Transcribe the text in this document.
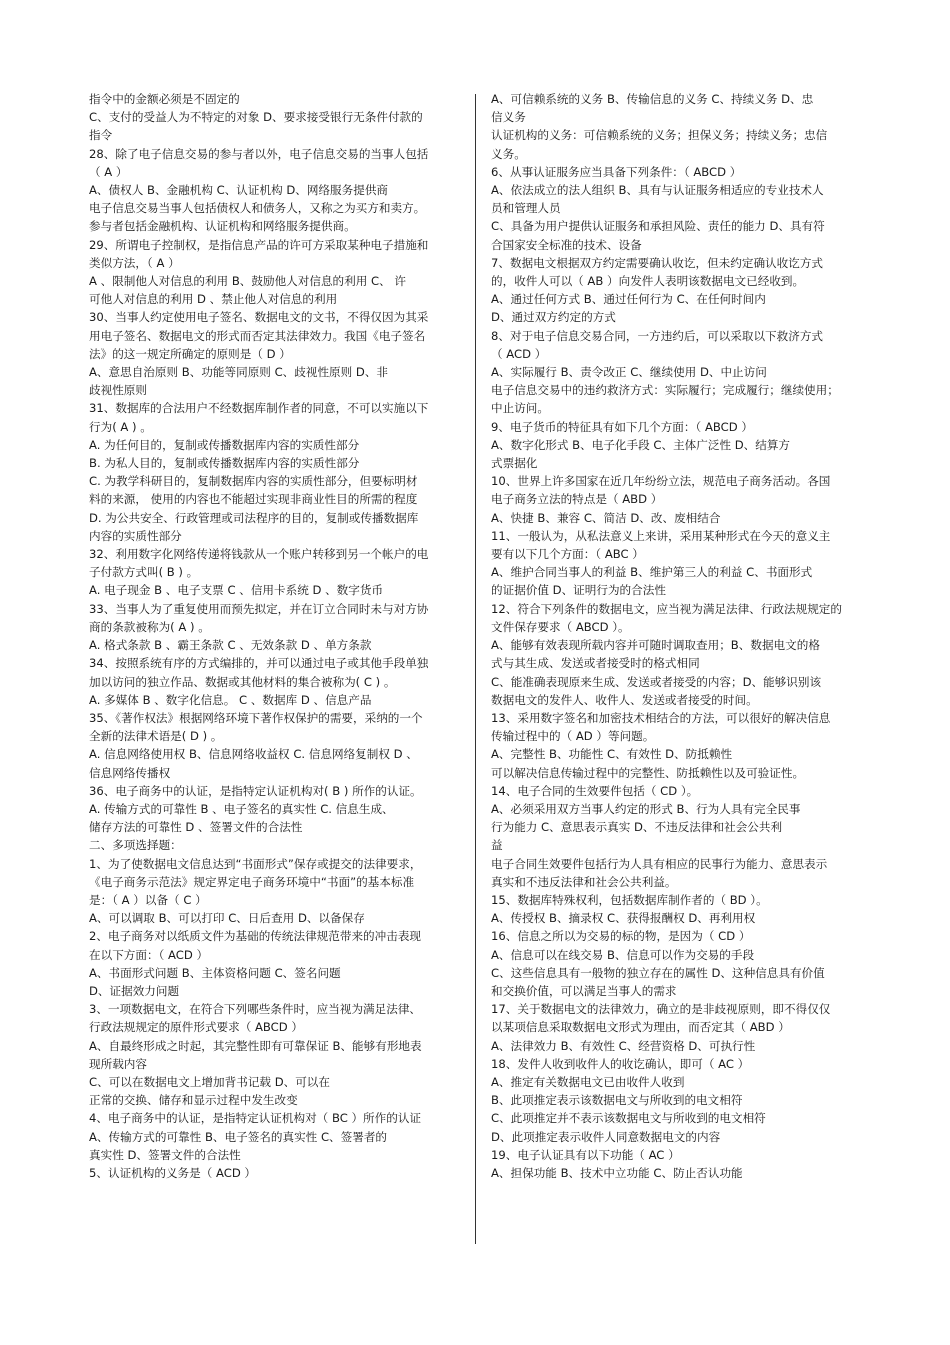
指令中的金额必须是不固定的
C、支付的受益人为不特定的对象 D、要求接受银行无条件付款的
指令
28、除了电子信息交易的参与者以外，电子信息交易的当事人包括
（ A ）
A、债权人 B、金融机构 C、认证机构 D、网络服务提供商
电子信息交易当事人包括债权人和债务人，又称之为买方和卖方。
参与者包括金融机构、认证机构和网络服务提供商。
29、所谓电子控制权，是指信息产品的许可方采取某种电子措施和
类似方法，（ A ）
A 、限制他人对信息的利用 B、鼓励他人对信息的利用 C、 许
可他人对信息的利用 D 、禁止他人对信息的利用
30、当事人约定使用电子签名、数据电文的文书，不得仅因为其采
用电子签名、数据电文的形式而否定其法律效力。我国《电子签名
法》的这一规定所确定的原则是（ D ）
A、意思自治原则 B、功能等同原则 C、歧视性原则 D、非
歧视性原则
31、数据库的合法用户不经数据库制作者的同意，不可以实施以下
行为( A ) 。
A. 为任何目的，复制或传播数据库内容的实质性部分
B. 为私人目的，复制或传播数据库内容的实质性部分
C. 为教学科研目的，复制数据库内容的实质性部分，但要标明材
料的来源， 使用的内容也不能超过实现非商业性目的所需的程度
D. 为公共安全、行政管理或司法程序的目的，复制或传播数据库
内容的实质性部分
32、利用数字化网络传递将钱款从一个账户转移到另一个帐户的电
子付款方式叫( B ) 。
A. 电子现金 B 、电子支票 C 、信用卡系统 D 、数字货币
33、当事人为了重复使用而预先拟定，并在订立合同时未与对方协
商的条款被称为( A ) 。
A. 格式条款 B 、霸王条款 C 、无效条款 D 、单方条款
34、按照系统有序的方式编排的，并可以通过电子或其他手段单独
加以访问的独立作品、数据或其他材料的集合被称为( C ) 。
A. 多媒体 B 、数字化信息。 C 、数据库 D 、信息产品
35、《著作权法》根据网络环境下著作权保护的需要，采纳的一个
全新的法律术语是( D ) 。
A. 信息网络使用权 B、信息网络收益权 C. 信息网络复制权 D 、
信息网络传播权
36、电子商务中的认证，是指特定认证机构对( B ) 所作的认证。
A. 传输方式的可靠性 B 、电子签名的真实性 C. 信息生成、
储存方法的可靠性 D 、签署文件的合法性
二、多项选择题：
1、为了使数据电文信息达到“书面形式”保存或提交的法律要求，
《电子商务示范法》规定界定电子商务环境中“书面”的基本标准
是：（ A ）以备（ C ）
A、可以调取 B、可以打印 C、日后查用 D、以备保存
2、电子商务对以纸质文件为基础的传统法律规范带来的冲击表现
在以下方面：（ ACD ）
A、书面形式问题 B、主体资格问题 C、签名问题
D、证据效力问题
3、一项数据电文，在符合下列哪些条件时，应当视为满足法律、
行政法规规定的原件形式要求（ ABCD ）
A、自最终形成之时起，其完整性即有可靠保证 B、能够有形地表
现所载内容
C、可以在数据电文上增加背书记载 D、可以在
正常的交换、储存和显示过程中发生改变
4、电子商务中的认证，是指特定认证机构对（ BC ）所作的认证
A、传输方式的可靠性 B、电子签名的真实性 C、签署者的
真实性 D、签署文件的合法性
5、认证机构的义务是（ ACD ）
A、可信赖系统的义务 B、传输信息的义务 C、持续义务 D、忠
信义务
认证机构的义务：可信赖系统的义务；担保义务；持续义务；忠信
义务。
6、从事认证服务应当具备下列条件：（ ABCD ）
A、依法成立的法人组织 B、具有与认证服务相适应的专业技术人
员和管理人员
C、具备为用户提供认证服务和承担风险、责任的能力 D、具有符
合国家安全标准的技术、设备
7、数据电文根据双方约定需要确认收讫，但未约定确认收讫方式
的，收件人可以（ AB ）向发件人表明该数据电文已经收到。
A、通过任何方式 B、通过任何行为 C、在任何时间内
D、通过双方约定的方式
8、对于电子信息交易合同，一方违约后，可以采取以下救济方式
（ ACD ）
A、实际履行 B、责令改正 C、继续使用 D、中止访问
电子信息交易中的违约救济方式：实际履行；完成履行；继续使用；
中止访问。
9、电子货币的特征具有如下几个方面：（ ABCD ）
A、数字化形式 B、电子化手段 C、主体广泛性 D、结算方
式票据化
10、世界上许多国家在近几年纷纷立法，规范电子商务活动。各国
电子商务立法的特点是（ ABD ）
A、快捷 B、兼容 C、简洁 D、改、废相结合
11、一般认为，从私法意义上来讲，采用某种形式在今天的意义主
要有以下几个方面：（ ABC ）
A、维护合同当事人的利益 B、维护第三人的利益 C、书面形式
的证据价值 D、证明行为的合法性
12、符合下列条件的数据电文，应当视为满足法律、行政法规规定的
文件保存要求（ ABCD ）。
A、能够有效表现所载内容并可随时调取查用；B、数据电文的格
式与其生成、发送或者接受时的格式相同
C、能准确表现原来生成、发送或者接受的内容；D、能够识别该
数据电文的发件人、收件人、发送或者接受的时间。
13、采用数字签名和加密技术相结合的方法，可以很好的解决信息
传输过程中的（ AD ）等问题。
A、完整性 B、功能性 C、有效性 D、防抵赖性
可以解决信息传输过程中的完整性、防抵赖性以及可验证性。
14、电子合同的生效要件包括（ CD ）。
A、必须采用双方当事人约定的形式 B、行为人具有完全民事
行为能力 C、意思表示真实 D、不违反法律和社会公共利
益
电子合同生效要件包括行为人具有相应的民事行为能力、意思表示
真实和不违反法律和社会公共利益。
15、数据库特殊权利，包括数据库制作者的（ BD ）。
A、传授权 B、摘录权 C、获得报酬权 D、再利用权
16、信息之所以为交易的标的物，是因为（ CD ）
A、信息可以在线交易 B、信息可以作为交易的手段
C、这些信息具有一般物的独立存在的属性 D、这种信息具有价值
和交换价值，可以满足当事人的需求
17、关于数据电文的法律效力，确立的是非歧视原则，即不得仅仅
以某项信息采取数据电文形式为理由，而否定其（ ABD ）
A、法律效力 B、有效性 C、经营资格 D、可执行性
18、发件人收到收件人的收讫确认，即可（ AC ）
A、推定有关数据电文已由收件人收到
B、此项推定表示该数据电文与所收到的电文相符
C、此项推定并不表示该数据电文与所收到的电文相符
D、此项推定表示收件人同意数据电文的内容
19、电子认证具有以下功能（ AC ）
A、担保功能 B、技术中立功能 C、防止否认功能
